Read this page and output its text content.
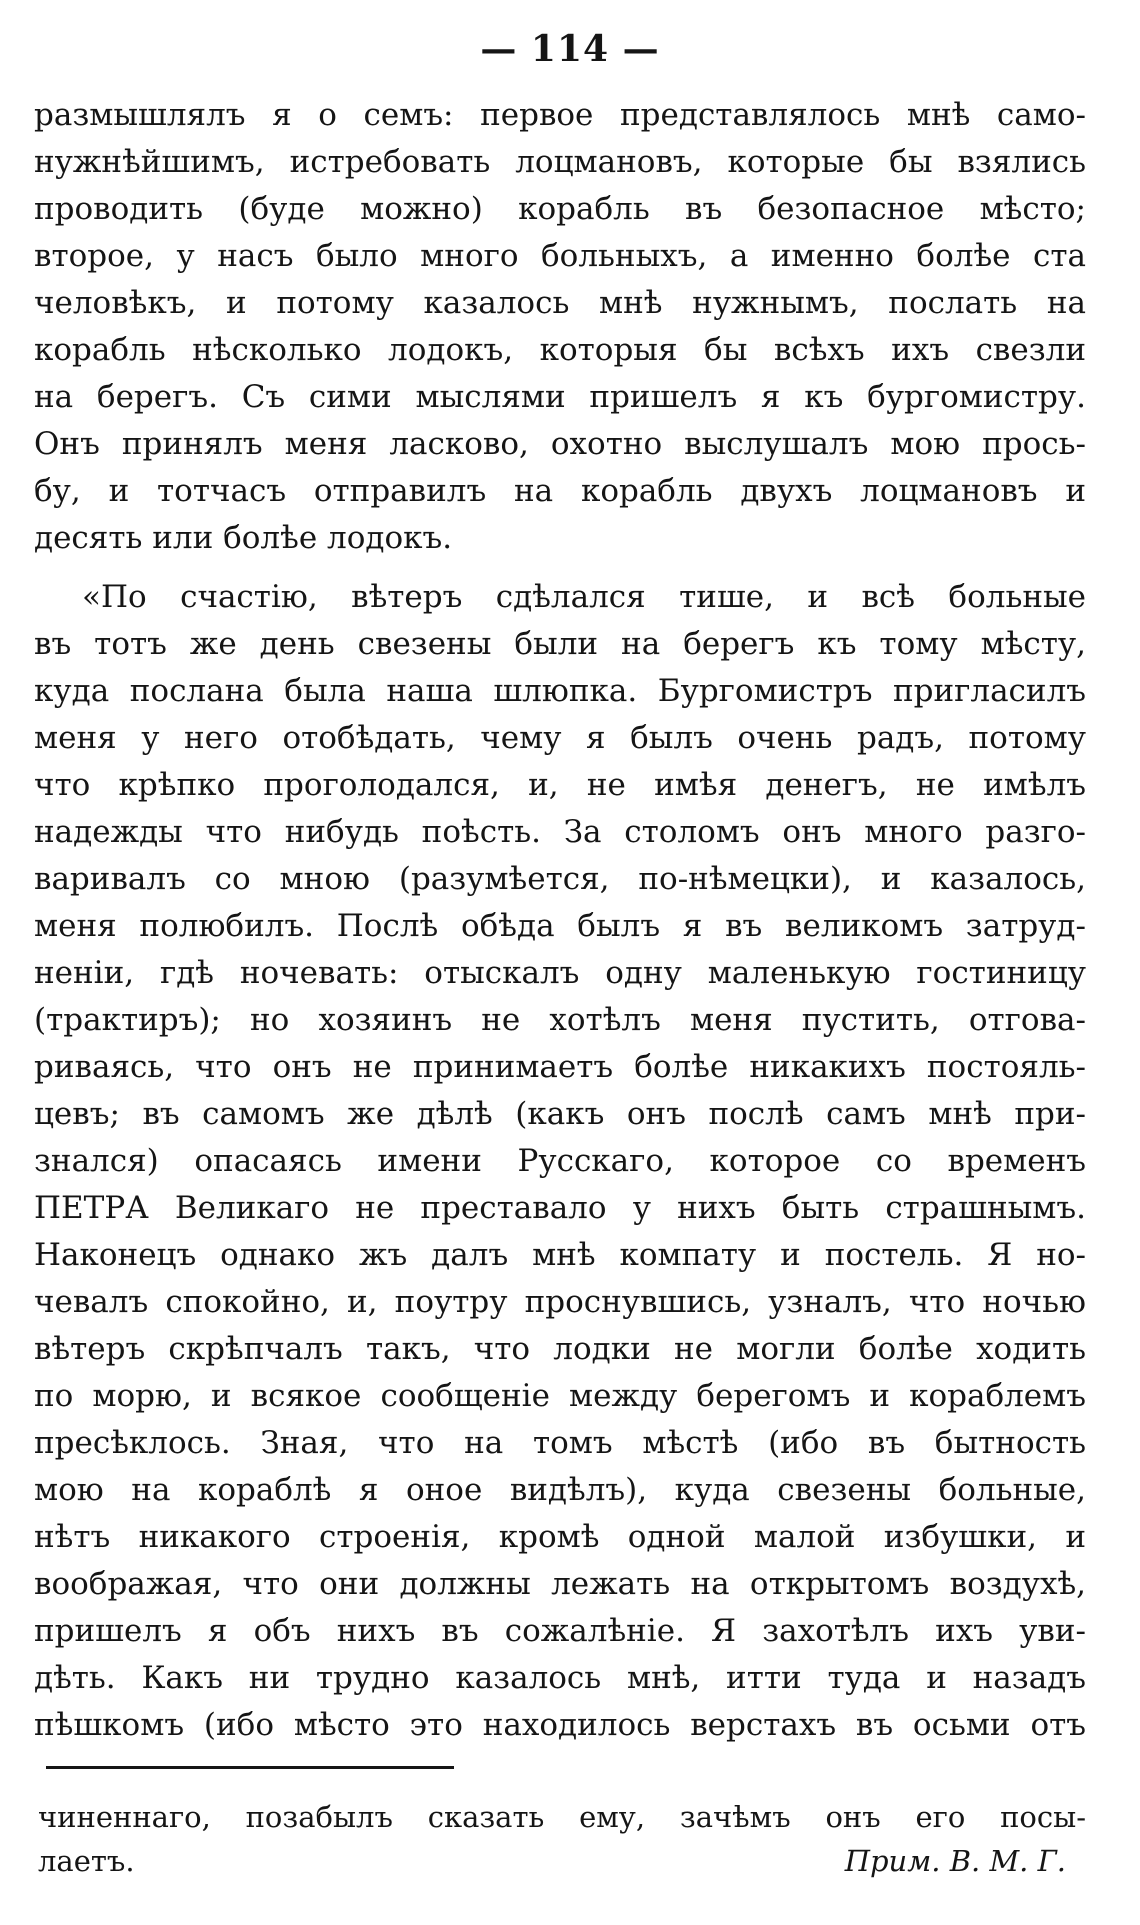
— 114 —
размышлялъ я о семъ: первое представлялось мнѣ само-
нужнѣйшимъ, истребовать лоцмановъ, которые бы взялись
проводить (буде можно) корабль въ безопасное мѣсто;
второе, у насъ было много больныхъ, а именно болѣе ста
человѣкъ, и потому казалось мнѣ нужнымъ, послать на
корабль нѣсколько лодокъ, которыя бы всѣхъ ихъ свезли
на берегъ. Съ сими мыслями пришелъ я къ бургомистру.
Онъ принялъ меня ласково, охотно выслушалъ мою прось-
бу, и тотчасъ отправилъ на корабль двухъ лоцмановъ и
десять или болѣе лодокъ.
«По счастію, вѣтеръ сдѣлался тише, и всѣ больные
въ тотъ же день свезены были на берегъ къ тому мѣсту,
куда послана была наша шлюпка. Бургомистръ пригласилъ
меня у него отобѣдать, чему я былъ очень радъ, потому
что крѣпко проголодался, и, не имѣя денегъ, не имѣлъ
надежды что нибудь поѣсть. За столомъ онъ много разго-
варивалъ со мною (разумѣется, по-нѣмецки), и казалось,
меня полюбилъ. Послѣ обѣда былъ я въ великомъ затруд-
неніи, гдѣ ночевать: отыскалъ одну маленькую гостиницу
(трактиръ); но хозяинъ не хотѣлъ меня пустить, отгова-
риваясь, что онъ не принимаетъ болѣе никакихъ постояль-
цевъ; въ самомъ же дѣлѣ (какъ онъ послѣ самъ мнѣ при-
знался) опасаясь имени Русскаго, которое со временъ
ПЕТРА Великаго не преставало у нихъ быть страшнымъ.
Наконецъ однако жъ далъ мнѣ компату и постель. Я но-
чевалъ спокойно, и, поутру проснувшись, узналъ, что ночью
вѣтеръ скрѣпчалъ такъ, что лодки не могли болѣе ходить
по морю, и всякое сообщеніе между берегомъ и кораблемъ
пресѣклось. Зная, что на томъ мѣстѣ (ибо въ бытность
мою на кораблѣ я оное видѣлъ), куда свезены больные,
нѣтъ никакого строенія, кромѣ одной малой избушки, и
воображая, что они должны лежать на открытомъ воздухѣ,
пришелъ я объ нихъ въ сожалѣніе. Я захотѣлъ ихъ уви-
дѣть. Какъ ни трудно казалось мнѣ, итти туда и назадъ
пѣшкомъ (ибо мѣсто это находилось верстахъ въ осьми отъ
чиненнаго, позабылъ сказать ему, зачѣмъ онъ его посы-
лаетъ.	Прим. В. М. Г.
